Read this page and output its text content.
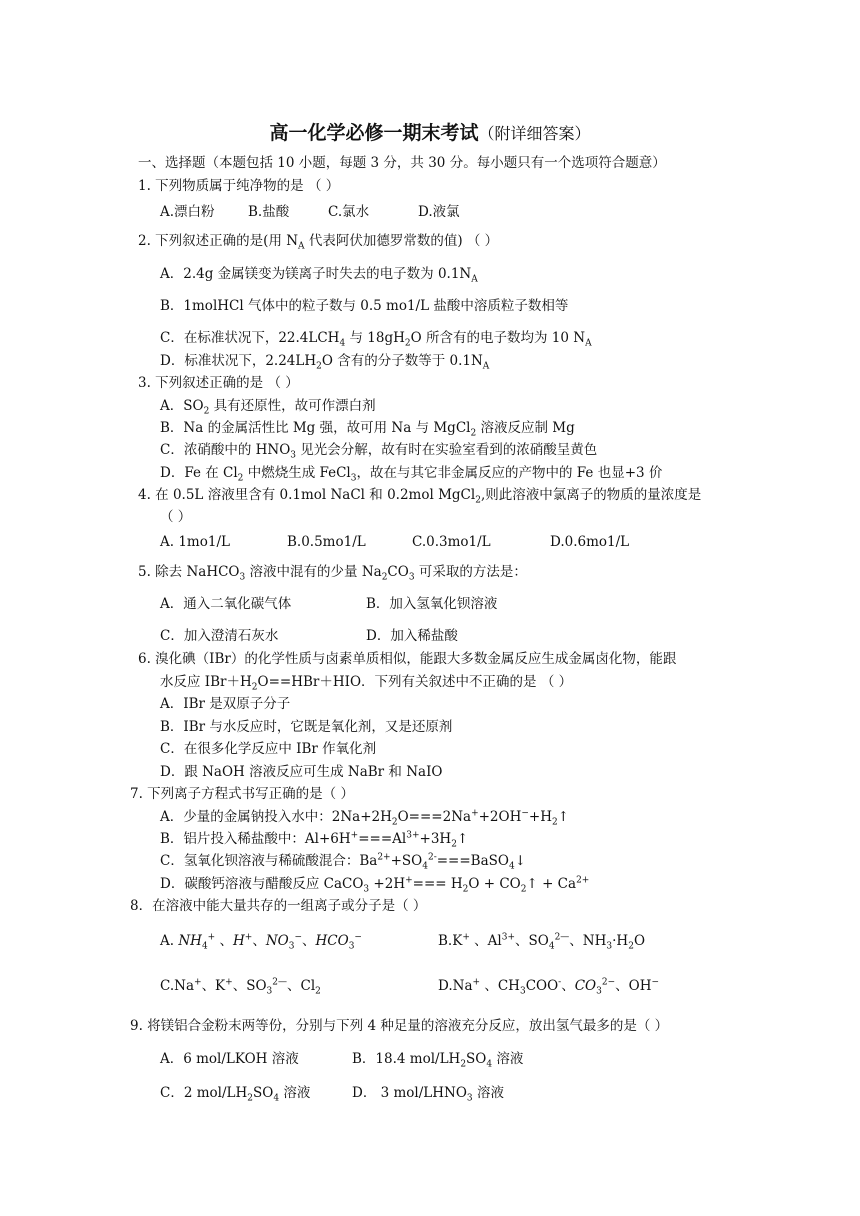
高一化学必修一期末考试（附详细答案）
一、选择题（本题包括 10 小题，每题 3 分，共 30 分。每小题只有一个选项符合题意）
1. 下列物质属于纯净物的是 （ ）
A.漂白粉 B.盐酸	C.氯水	D.液氯
2. 下列叙述正确的是(用 $N_A$ 代表阿伏加德罗常数的值) （ ）
A．2.4g 金属镁变为镁离子时失去的电子数为 $0.1N_A$
B．1molHCl 气体中的粒子数与 0.5 mo1/L 盐酸中溶质粒子数相等
C．在标准状况下，$22.4LCH_4$ 与 $18gH_2O$ 所含有的电子数均为 10 $N_A$
D．标准状况下，$2.24LH_2O$ 含有的分子数等于 $0.1N_A$
3. 下列叙述正确的是 （ ）
A．$SO_2$ 具有还原性，故可作漂白剂
B．Na 的金属活性比 Mg 强，故可用 Na 与 MgCl$_2$ 溶液反应制 Mg
C．浓硝酸中的 $HNO_3$ 见光会分解，故有时在实验室看到的浓硝酸呈黄色
D．Fe 在 $Cl_2$ 中燃烧生成 FeCl$_3$，故在与其它非金属反应的产物中的 Fe 也显+3 价
4. 在 0.5L 溶液里含有 0.1mol NaCl 和 0.2mol MgCl$_2$,则此溶液中氯离子的物质的量浓度是
（ ）
A. 1mo1/L	B.0.5mo1/L	C.0.3mo1/L	D.0.6mo1/L
5. 除去 NaHCO$_3$ 溶液中混有的少量 $Na_2CO_3$ 可采取的方法是：
A．通入二氧化碳气体	B．加入氢氧化钡溶液
C．加入澄清石灰水	D．加入稀盐酸
6. 溴化碘（IBr）的化学性质与卤素单质相似，能跟大多数金属反应生成金属卤化物，能跟
水反应 $IBr+H_2O==HBr+HIO$．下列有关叙述中不正确的是 （ ）
A．IBr 是双原子分子
B．IBr 与水反应时，它既是氧化剂，又是还原剂
C．在很多化学反应中 IBr 作氧化剂
D．跟 NaOH 溶液反应可生成 NaBr 和 NaIO
7. 下列离子方程式书写正确的是（ ）
A．少量的金属钠投入水中：$2Na+2H_2O===2Na^++2OH^-+H_2↑$
B．铝片投入稀盐酸中：$Al+6H^+===Al^{3+}+3H_2↑$
C．氢氧化钡溶液与稀硫酸混合：$Ba^{2+}+SO_4^{2-}===BaSO_4↓$
D．碳酸钙溶液与醋酸反应 CaCO$_3$ $+2H^+=== H_2O$ + $CO_2↑ + Ca^{2+}$
8．在溶液中能大量共存的一组离子或分子是（ ）
A. $NH_4^+$ 、H+、$NO_3^-$、$HCO_3^-$	B.K+ 、$Al^{3+}$、$SO_4^{2—}$、$NH_3\cdot H_2O$
C.Na+、K+、$SO_3^{2—}$、$Cl_2$	D.Na+ 、$CH_3COO^-$、$CO_3^{2-}$、OH−
9. 将镁铝合金粉末两等份，分别与下列 4 种足量的溶液充分反应，放出氢气最多的是（ ）
A．6 mol/LKOH 溶液	B．18.4 mol/$LH_2SO_4$ 溶液
C．2 mol/$LH_2SO_4$ 溶液	D． 3 mol/$LHNO_3$ 溶液
